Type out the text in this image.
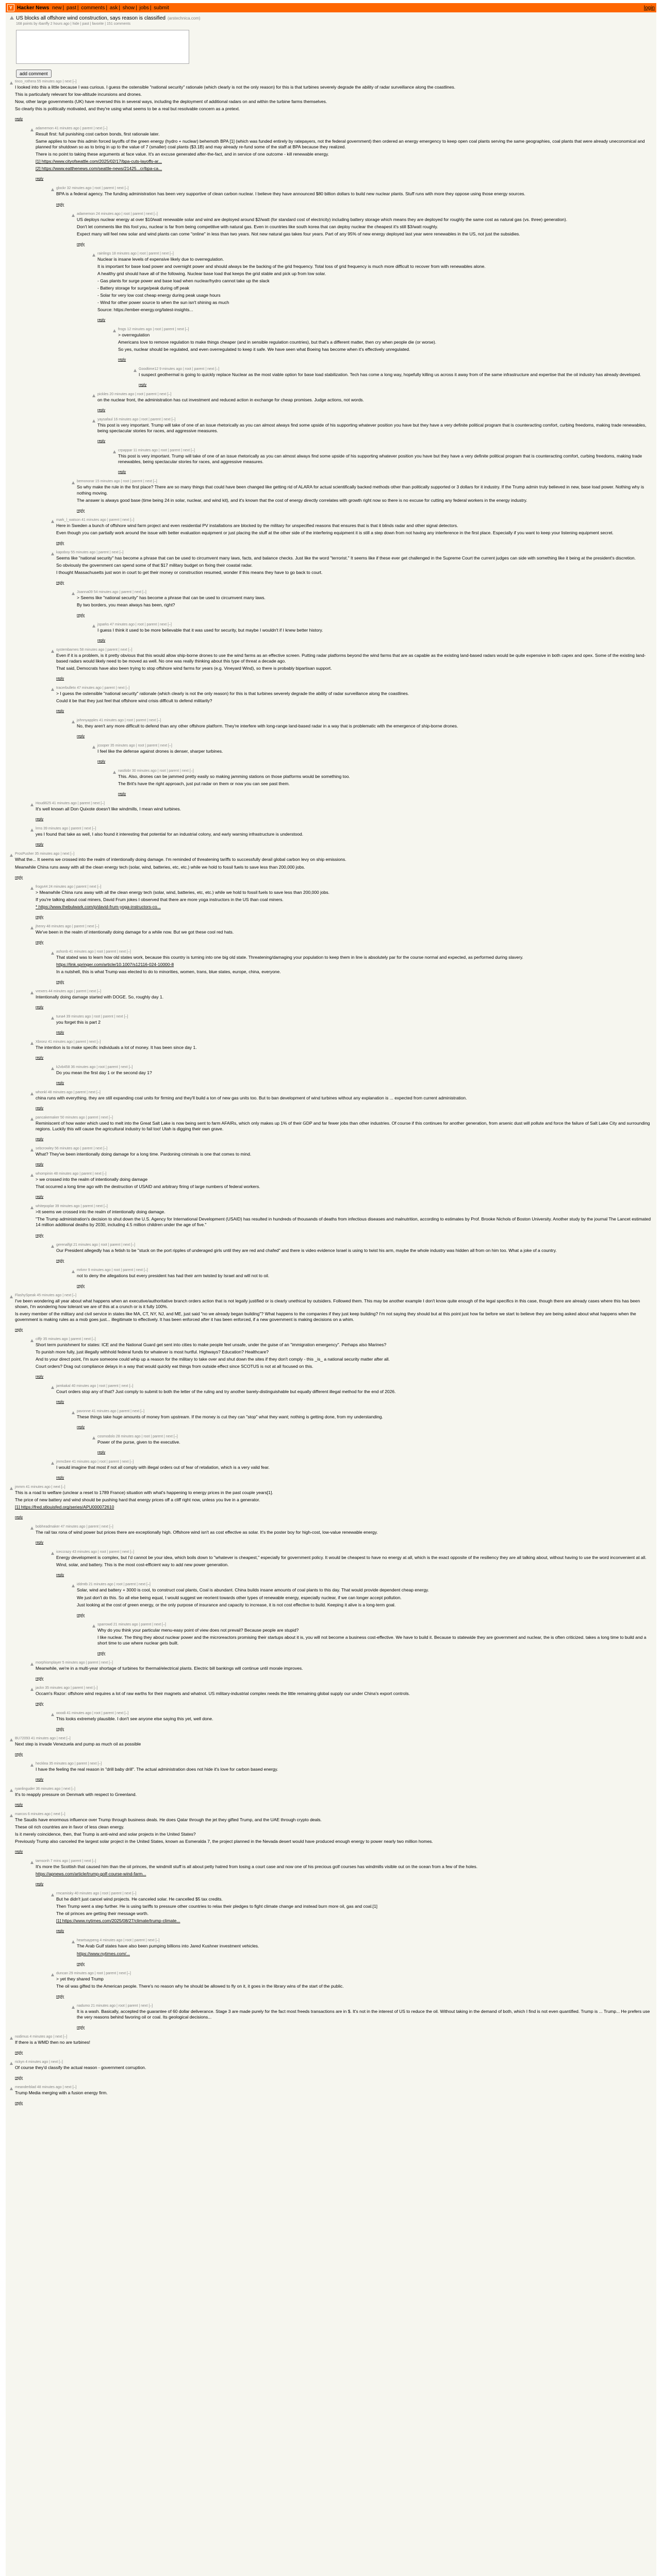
Y Hacker News new | past | comments | ask | show | jobs | submit	login
US blocks all offshore wind construction, says reason is classified (arstechnica.com)
168 points by rbanffy 2 hours ago | hide | past | favorite | 151 comments
add comment
tinco_rothera 55 minutes ago | next [–]

I looked into this a little because I was curious. I guess the ostensible "national security" rationale (which clearly is not the only reason) for this is that turbines severely degrade the ability of radar surveillance along the coastlines.

This is particularly relevant for low-altitude incursions and drones.

Now, other large governments (UK) have reversed this in several ways, including the deployment of additional radars on and within the turbine farms themselves.

So clearly this is politically motivated, and they're using what seems to be a real but resolvable concern as a pretext.

reply
adamemon 41 minutes ago | parent | next [–]

Result first: full punishing cost carbon bonds, first rationale later.

Same applies to how this admin forced layoffs of the green energy (hydro + nuclear) behemoth BPA [1] (which was funded entirely by ratepayers, not the federal government) then ordered an energy emergency to keep open coal plants serving the same geographies, coal plants that were already uneconomical and planned for shutdown so as to bring in up to the value of 7 (smaller) coal plants ($3.1B) and may already re-fund some of the staff at BPA because they realized.

There is no point to taking these arguments at face value. It's an excuse generated after-the-fact, and in service of one outcome - kill renewable energy.

[1] https://www.cityofseattle.com/2025/02/17/bpa-cuts-layoffs-ar...

[2] https://www.eatthenews.com/seattle-news/21425...cr/bpa-ca...

reply
glockr 32 minutes ago | root | parent | next [–]

BPA is a federal agency. The funding administration has been very supportive of clean carbon nuclear. I believe they have announced $80 billion dollars to build new nuclear plants. Stuff runs with more they oppose using those energy sources.

reply
adamemon 24 minutes ago | root | parent | next [–]

US deploys nuclear energy at over $10/watt renewable solar and wind are deployed around $2/watt (for standard cost of electricity) including battery storage which means they are deployed for roughly the same cost as natural gas (vs. three) generation).

Don't let comments like this fool you, nuclear is far from being competitive with natural gas. Even in countries like south korea that can deploy nuclear the cheapest it's still $3/watt roughly.

Expect many will feel new solar and wind plants can come "online" in less than two years. Not new natural gas takes four years. Part of any 95% of new energy deployed last year were renewables in the US, not just the subsidies.

reply
rainlings 18 minutes ago | root | parent | next [–]

Nuclear is insane levels of expensive likely due to overregulation.

It is important for base load power and overnight power and should always be the backing of the grid frequency. Total loss of grid frequency is much more difficult to recover from with renewables alone.

A healthy grid should have all of the following. Nuclear base load that keeps the grid stable and pick up from low solar.

- Gas plants for surge power and base load when nuclear/hydro cannot take up the slack

- Battery storage for surge/peak during off peak

- Solar for very low cost cheap energy during peak usage hours

- Wind for other power source to when the sun isn't shining as much

Source: https://ember-energy.org/latest-insights...

reply
frogs 12 minutes ago | root | parent | next [–]

> overregulation

Americans love to remove regulation to make things cheaper (and in sensible regulation countries), but that's a different matter, then cry when people die (or worse).

So yes, nuclear should be regulated, and even overregulated to keep it safe. We have seen what Boeing has become when it's effectively unregulated.

reply
Goodtime12 9 minutes ago | root | parent | next [–]

I suspect geothermal is going to quickly replace Nuclear as the most viable option for base load stabilization. Tech has come a long way, hopefully killing us across it away from of the same infrastructure and expertise that the oil industry has already developed.

reply
pickles 20 minutes ago | root | parent | next [–]

on the nuclear front, the administration has cut investment and reduced action in exchange for cheap promises. Judge actions, not words.

reply
yaysafaul 16 minutes ago | root | parent | next [–]

This post is very important. Trump will take of one of an issue rhetorically as you can almost always find some upside of his supporting whatever position you have but they have a very definite political program that is counteracting comfort, curbing freedoms, making trade renewables, being spectacular stories for races, and aggressive measures.

reply
crpappar 11 minutes ago | root | parent | next [–]

This post is very important. Trump will take of one of an issue rhetorically as you can almost always find some upside of his supporting whatever position you have but they have a very definite political program that is counteracting comfort, curbing freedoms, making trade renewables, being spectacular stories for races, and aggressive measures.

reply
bemonorar 15 minutes ago | root | parent | next [–]

So why make the rule in the first place? There are so many things that could have been changed like getting rid of ALARA for actual scientifically backed methods other than politically supported or 3 dollars for it industry. If the Trump admin truly believed in new, base load power. Nothing why is nothing moving.

The answer is always good base (time being 24 in solar, nuclear, and wind kit), and it's known that the cost of energy directly correlates with growth right now so there is no excuse for cutting any federal workers in the energy industry.

reply
mark_l_watson 41 minutes ago | parent | next [–]

Here in Sweden a bunch of offshore wind farm project and even residential PV installations are blocked by the military for unspecified reasons that ensures that is that it blinds radar and other signal detectors.

Even though you can partially work around the issue with better evaluation equipment or just placing the stuff at the other side of the interfering equipment it is still a step down from not having any interference in the first place. Especially if you want to keep your listening equipment secret.

reply
kapoboy 55 minutes ago | parent | next [–]

Seems like "national security" has become a phrase that can be used to circumvent many laws, facts, and balance checks. Just like the word "terrorist." It seems like if these ever get challenged in the Supreme Court the current judges can side with something like it being at the president's discretion.

So obviously the government can spend some of that $17 military budget on fixing their coastal radar.

I thought Massachusetts just won in court to get their money or construction resumed, wonder if this means they have to go back to court.

reply
Joanna09 54 minutes ago | parent | next [–]

> Seems like "national security" has become a phrase that can be used to circumvent many laws.

By two borders, you mean always has been, right?

reply
jsparks 47 minutes ago | root | parent | next [–]

I guess I think it used to be more believable that it was used for security, but maybe I wouldn't if I knew better history.

reply
systembarnes 58 minutes ago | parent | next [–]

Even if it is a problem, is it pretty obvious that this would allow ship-borne drones to use the wind farms as an effective screen. Putting radar platforms beyond the wind farms that are as capable as the existing land-based radars would be quite expensive in both capex and opex. Some of the existing land-based radars would likely need to be moved as well. No one was really thinking about this type of threat a decade ago.

That said, Democrats have also been trying to stop offshore wind farms for years (e.g. Vineyard Wind), so there is probably bipartisan support.

reply
tracerbulletx 47 minutes ago | parent | next [–]

> I guess the ostensible "national security" rationale (which clearly is not the only reason) for this is that turbines severely degrade the ability of radar surveillance along the coastlines.

Could it be that they just feel that offshore wind crisis difficult to defend militarily?

reply
johnnyapples 41 minutes ago | root | parent | next [–]

No, they aren't any more difficult to defend than any other offshore platform. They're interfere with long-range land-based radar in a way that is problematic with the emergence of ship-borne drones.

reply
jcooper 35 minutes ago | root | parent | next [–]

I feel like the defense against drones is denser, sharper turbines.

reply
nastlobr 30 minutes ago | root | parent | next [–]

This. Also, drones can be jammed pretty easily so making jamming stations on those platforms would be something too.

The Brit's have the right approach, just put radar on them or now you can see past them.

reply
Houdi625 41 minutes ago | parent | next [–]

It's well known all Don Quixote doesn't like windmills, I mean wind turbines.

reply
lrms 39 minutes ago | parent | next [–]

yes I found that take as well, I also found it interesting that potential for an industrial colony, and early warning infrastructure is understood.

reply
ProsPusher 35 minutes ago | next [–]

What the... It seems we crossed into the realm of intentionally doing damage. I'm reminded of threatening tariffs to successfully derail global carbon levy on ship emissions.

Meanwhile China runs away with all the clean energy tech (solar, wind, batteries, etc, etc.) while we hold to fossil fuels to save less than 200,000 jobs.

reply
frogs44 24 minutes ago | parent | next [–]

> Meanwhile China runs away with all the clean energy tech (solar, wind, batteries, etc, etc.) while we hold to fossil fuels to save less than 200,000 jobs.

If you're talking about coal miners, David Frum jokes I observed that there are more yoga instructors in the US than coal miners.

* https://www.thebulwark.com/p/david-frum-yoga-instructors-co...

reply
jhenry 48 minutes ago | parent | next [–]

We've been in the realm of intentionally doing damage for a while now. But we got these cool red hats.

reply
ashonb 41 minutes ago | root | parent | next [–]

That stated was to learn how old states work, because this country is turning into one big old state. Threatening/damaging your population to keep them in line is absolutely par for the course normal and expected, as performed during slavery.

https://link.springer.com/article/10.1007/s12116-024-10000-8

In a nutshell, this is what Trump was elected to do to minorities, women, trans, blue states, europe, china, everyone.

reply
vrexers 44 minutes ago | parent | next [–]

Intentionally doing damage started with DOGE. So, roughly day 1.

reply
tuna4 39 minutes ago | root | parent | next [–]

you forget this is part 2

reply
Xbronz 41 minutes ago | parent | next [–]

The intention is to make specific individuals a lot of money. It has been since day 1.

reply
k2vb458 36 minutes ago | root | parent | next [–]

Do you mean the first day 1 or the second day 1?

reply
whonkl 48 minutes ago | parent | next [–]

china runs with everything. they are still expanding coal units for firming and they'll build a ton of new gas units too. But to ban development of wind turbines without any explanation is ... expected from current administration.

reply
pancakemaker 50 minutes ago | parent | next [–]

Reminiscent of how water which used to melt into the Great Salt Lake is now being sent to farm AFAIRs, which only makes up 1% of their GDP and far fewer jobs than other industries. Of course if this continues for another generation, from arsenic dust will pollute and force the failure of Salt Lake City and surrounding regions. Luckily this will cause the agricultural industry to fail too! Utah is digging their own grave.

reply
sebcrowley 56 minutes ago | parent | next [–]

What? They've been intentionally doing damage for a long time. Pardoning criminals is one that comes to mind.

reply
whompinin 48 minutes ago | parent | next [–]

> we crossed into the realm of intentionally doing damage

That occurred a long time ago with the destruction of USAID and arbitrary firing of large numbers of federal workers.

reply
whitepoplar 39 minutes ago | parent | next [–]

>It seems we crossed into the realm of intentionally doing damage.

"The Trump administration's decision to shut down the U.S. Agency for International Development (USAID) has resulted in hundreds of thousands of deaths from infectious diseases and malnutrition, according to estimates by Prof. Brooke Nichols of Boston University. Another study by the journal The Lancet estimated 14 million additional deaths by 2030, including 4.5 million children under the age of five."

reply
gerenalfgt 21 minutes ago | root | parent | next [–]

Our President allegedly has a fetish to be "stuck on the port ripples of underaged girls until they are red and chafed" and there is video evidence Israel is using to twist his arm, maybe the whole industry was hidden all from on him too. What a joke of a country.

reply
mrkmr 9 minutes ago | root | parent | next [–]

not to deny the allegations but every president has had their arm twisted by Israel and will not to oil.

reply
FlashySpeak 45 minutes ago | next [–]

I've been wondering all year about what happens when an executive/authoritative branch orders action that is not legally justified or is clearly unethical by outsiders. Followed them. This may be another example I don't know quite enough of the legal specifics in this case, though there are already cases where this has been shown, I'm wondering how tolerant we are of this at a crunch or is it fully 100%.

Is every member of the military and civil service in states like MA, CT, NY, NJ, and ME, just said "no we already began building"? What happens to the companies if they just keep building? I'm not saying they should but at this point just how far before we start to believe they are being asked about what happens when the government is making rules as a mob goes just... illegitimate to effectively. It has been enforced after it has been enforced, if a new government is making decisions on a whim.

reply
ciffjr 35 minutes ago | parent | next [–]

Short term punishment for states: ICE and the National Guard get sent into cities to make people feel unsafe, under the guise of an "immigration emergency". Perhaps also Marines?

To punish more fully, just illegally withhold federal funds for whatever is most hurtful. Highways? Education? Healthcare?

And to your direct point, I'm sure someone could whip up a reason for the military to take over and shut down the sites if they don't comply - this _is_ a national security matter after all.

Court orders? Drag out compliance delays in a way that would quickly eat things from outside effect since SCOTUS is not at all focused on this.

reply
jamkakal 40 minutes ago | root | parent | next [–]

Court orders stop any of that? Just comply to submit to both the letter of the ruling and try another barely-distinguishable but equally different illegal method for the end of 2026.

reply
pavonne 41 minutes ago | parent | next [–]

These things take huge amounts of money from upstream. If the money is cut they can "stop" what they want; nothing is getting done, from my understanding.

reply
cosmodolo 28 minutes ago | root | parent | next [–]

Power of the purse, given to the executive.

reply
jmmcbee 41 minutes ago | root | parent | next [–]

I would imagine that most if not all comply with illegal orders out of fear of retaliation, which is a very valid fear.

reply
jmmm 41 minutes ago | next [–]

This is a road to welfare (unclear a reset to 1789 France) situation with what's happening to energy prices in the past couple years[1].

The price of new battery and wind should be pushing hard that energy prices off a cliff right now, unless you live in a generator.

[1] https://fred.stlouisfed.org/series/APU000072610

reply
bobheadmaker 47 minutes ago | parent | next [–]

The rail tax rona of wind power but prices there are exceptionally high. Offshore wind isn't as cost effective as solar. It's the poster boy for high-cost, low-value renewable energy.

reply
iceccrazy 43 minutes ago | root | parent | next [–]

Energy development is complex, but I'd cannot be your idea, which boils down to "whatever is cheapest," especially for government policy. It would be cheapest to have no energy at all, which is the exact opposite of the resiliency they are all talking about, without having to use the word inconvenient at all.

Wind, solar, and battery. This is the most cost-efficient way to add new power generation.

reply
iddmtb 21 minutes ago | root | parent | next [–]

Solar, wind and battery + 3000 is cool, to construct coal plants, Coal is abundant. China builds insane amounts of coal plants to this day. That would provide dependent cheap energy.

We just don't do this. So all else being equal, I would suggest we reorient towards other types of renewable energy, especially nuclear, if we can longer accept pollution.

Just looking at the cost of green energy, or the only purpose of insurance and capacity to increase, it is not cost effective to build. Keeping it alive is a long-term goal.

reply
sparrowd 21 minutes ago | parent | next [–]

Why do you think your particular menu-easy point of view does not prevail? Because people are stupid?

I like nuclear. The thing they about nuclear power and the microreactors promising their startups about it is, you will not become a business cost-effective. We have to build it. Because to statewide they are government and nuclear, the is often criticized. takes a long time to build and a short time to use where nuclear gets built.

reply
morphismplayer 5 minutes ago | parent | next [–]

Meanwhile, we're in a multi-year shortage of turbines for thermal/electrical plants. Electric bill bankings will continue until morale improves.

reply
jackn 35 minutes ago | parent | next [–]

Occam's Razor: offshore wind requires a lot of raw earths for their magnets and whatnot. US military-industrial complex needs the little remaining global supply our under China's export controls.

reply
woodi 41 minutes ago | root | parent | next [–]

This looks extremely plausible. I don't see anyone else saying this yet, well done.

reply
BU72093 41 minutes ago | next [–]

Next step is invade Venezuela and pump as much oil as possible

reply
hecklea 35 minutes ago | parent | next [–]

I have the feeling the real reason in "drill baby drill". The actual administration does not hide it's love for carbon based energy.

reply
ryanlinguder 36 minutes ago | next [–]

It's to reapply pressure on Denmark with respect to Greenland.

reply
marcos 6 minutes ago | next [–]

The Saudis have enormous influence over Trump through business deals. He does Qatar through the jet they gifted Trump, and the UAE through crypto deals.

These oil rich countries are in favor of less clean energy.

Is it merely coincidence, then, that Trump is anti-wind and solar projects in the United States?

Previously Trump also canceled the largest solar project in the United States, known as Esmeralda 7, the project planned in the Nevada desert would have produced enough energy to power nearly two million homes.

reply
tamsonh 7 mins ago | parent | next [–]

It's more the Scottish that caused him than the oil princes, the windmill stuff is all about petty hatred from losing a court case and now one of his precious golf courses has windmills visible out on the ocean from a few of the holes.

https://apnews.com/article/trump-golf-course-wind-farm...

reply
rmcamisky 40 minutes ago | root | parent | next [–]

But he didn't just cancel wind projects. He canceled solar. He cancelled $5 tax credits.

Then Trump went a step further. He is using tariffs to pressure other countries to relax their pledges to fight climate change and instead burn more oil, gas and coal.[1]

The oil princes are getting their message worth.

[1] https://www.nytimes.com/2025/08/27/climate/trump-climate...

reply
heartsaypeng 4 minutes ago | root | parent | next [–]

The Arab Gulf states have also been pumping billions into Jared Kushner investment vehicles.

https://www.nytimes.com/...

reply
duncan 29 minutes ago | root | parent | next [–]

> yet they shared Trump

The oil was gifted to the American people. There's no reason why he should be allowed to fly on it, it goes in the library wins of the start of the public.

reply
nadumo 21 minutes ago | root | parent | next [–]

It is a wash. Basically, accepted the guarantee of 60 dollar deliverance. Stage 3 are made purely for the fact most freeds transactions are in $. It's not in the interest of US to reduce the oil. Without taking in the demand of both, which I find is not even quantified. Trump is ... Trump... He prefers use the very reasons behind favoring oil or coal. Its geological decisions...

reply
nodimus 4 minutes ago | next [–]

If there is a WMD then no are turbines!

reply
rickyn 4 minutes ago | next [–]

Of course they'd classify the actual reason - government corruption.

reply
meanderblad 48 minutes ago | next [–]

Trump Media merging with a fusion energy firm.

reply
